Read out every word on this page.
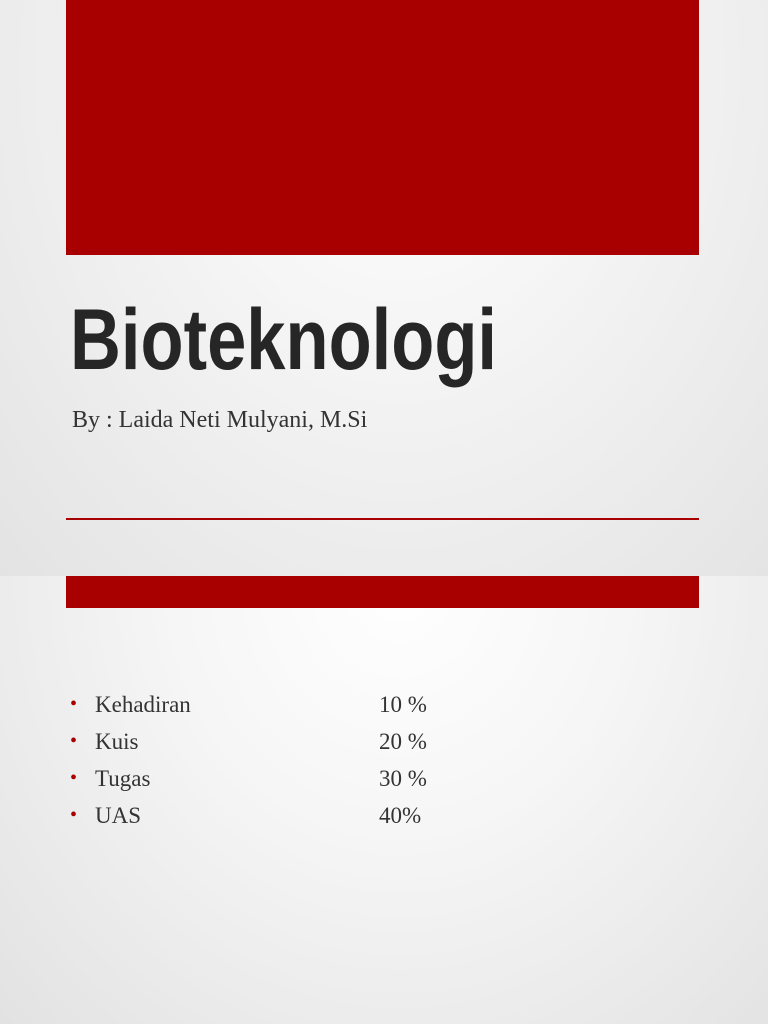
Bioteknologi

By : Laida Neti Mulyani, M.Si

• Kehadiran	10 %
• Kuis	20 %
• Tugas	30 %
• UAS	40%
